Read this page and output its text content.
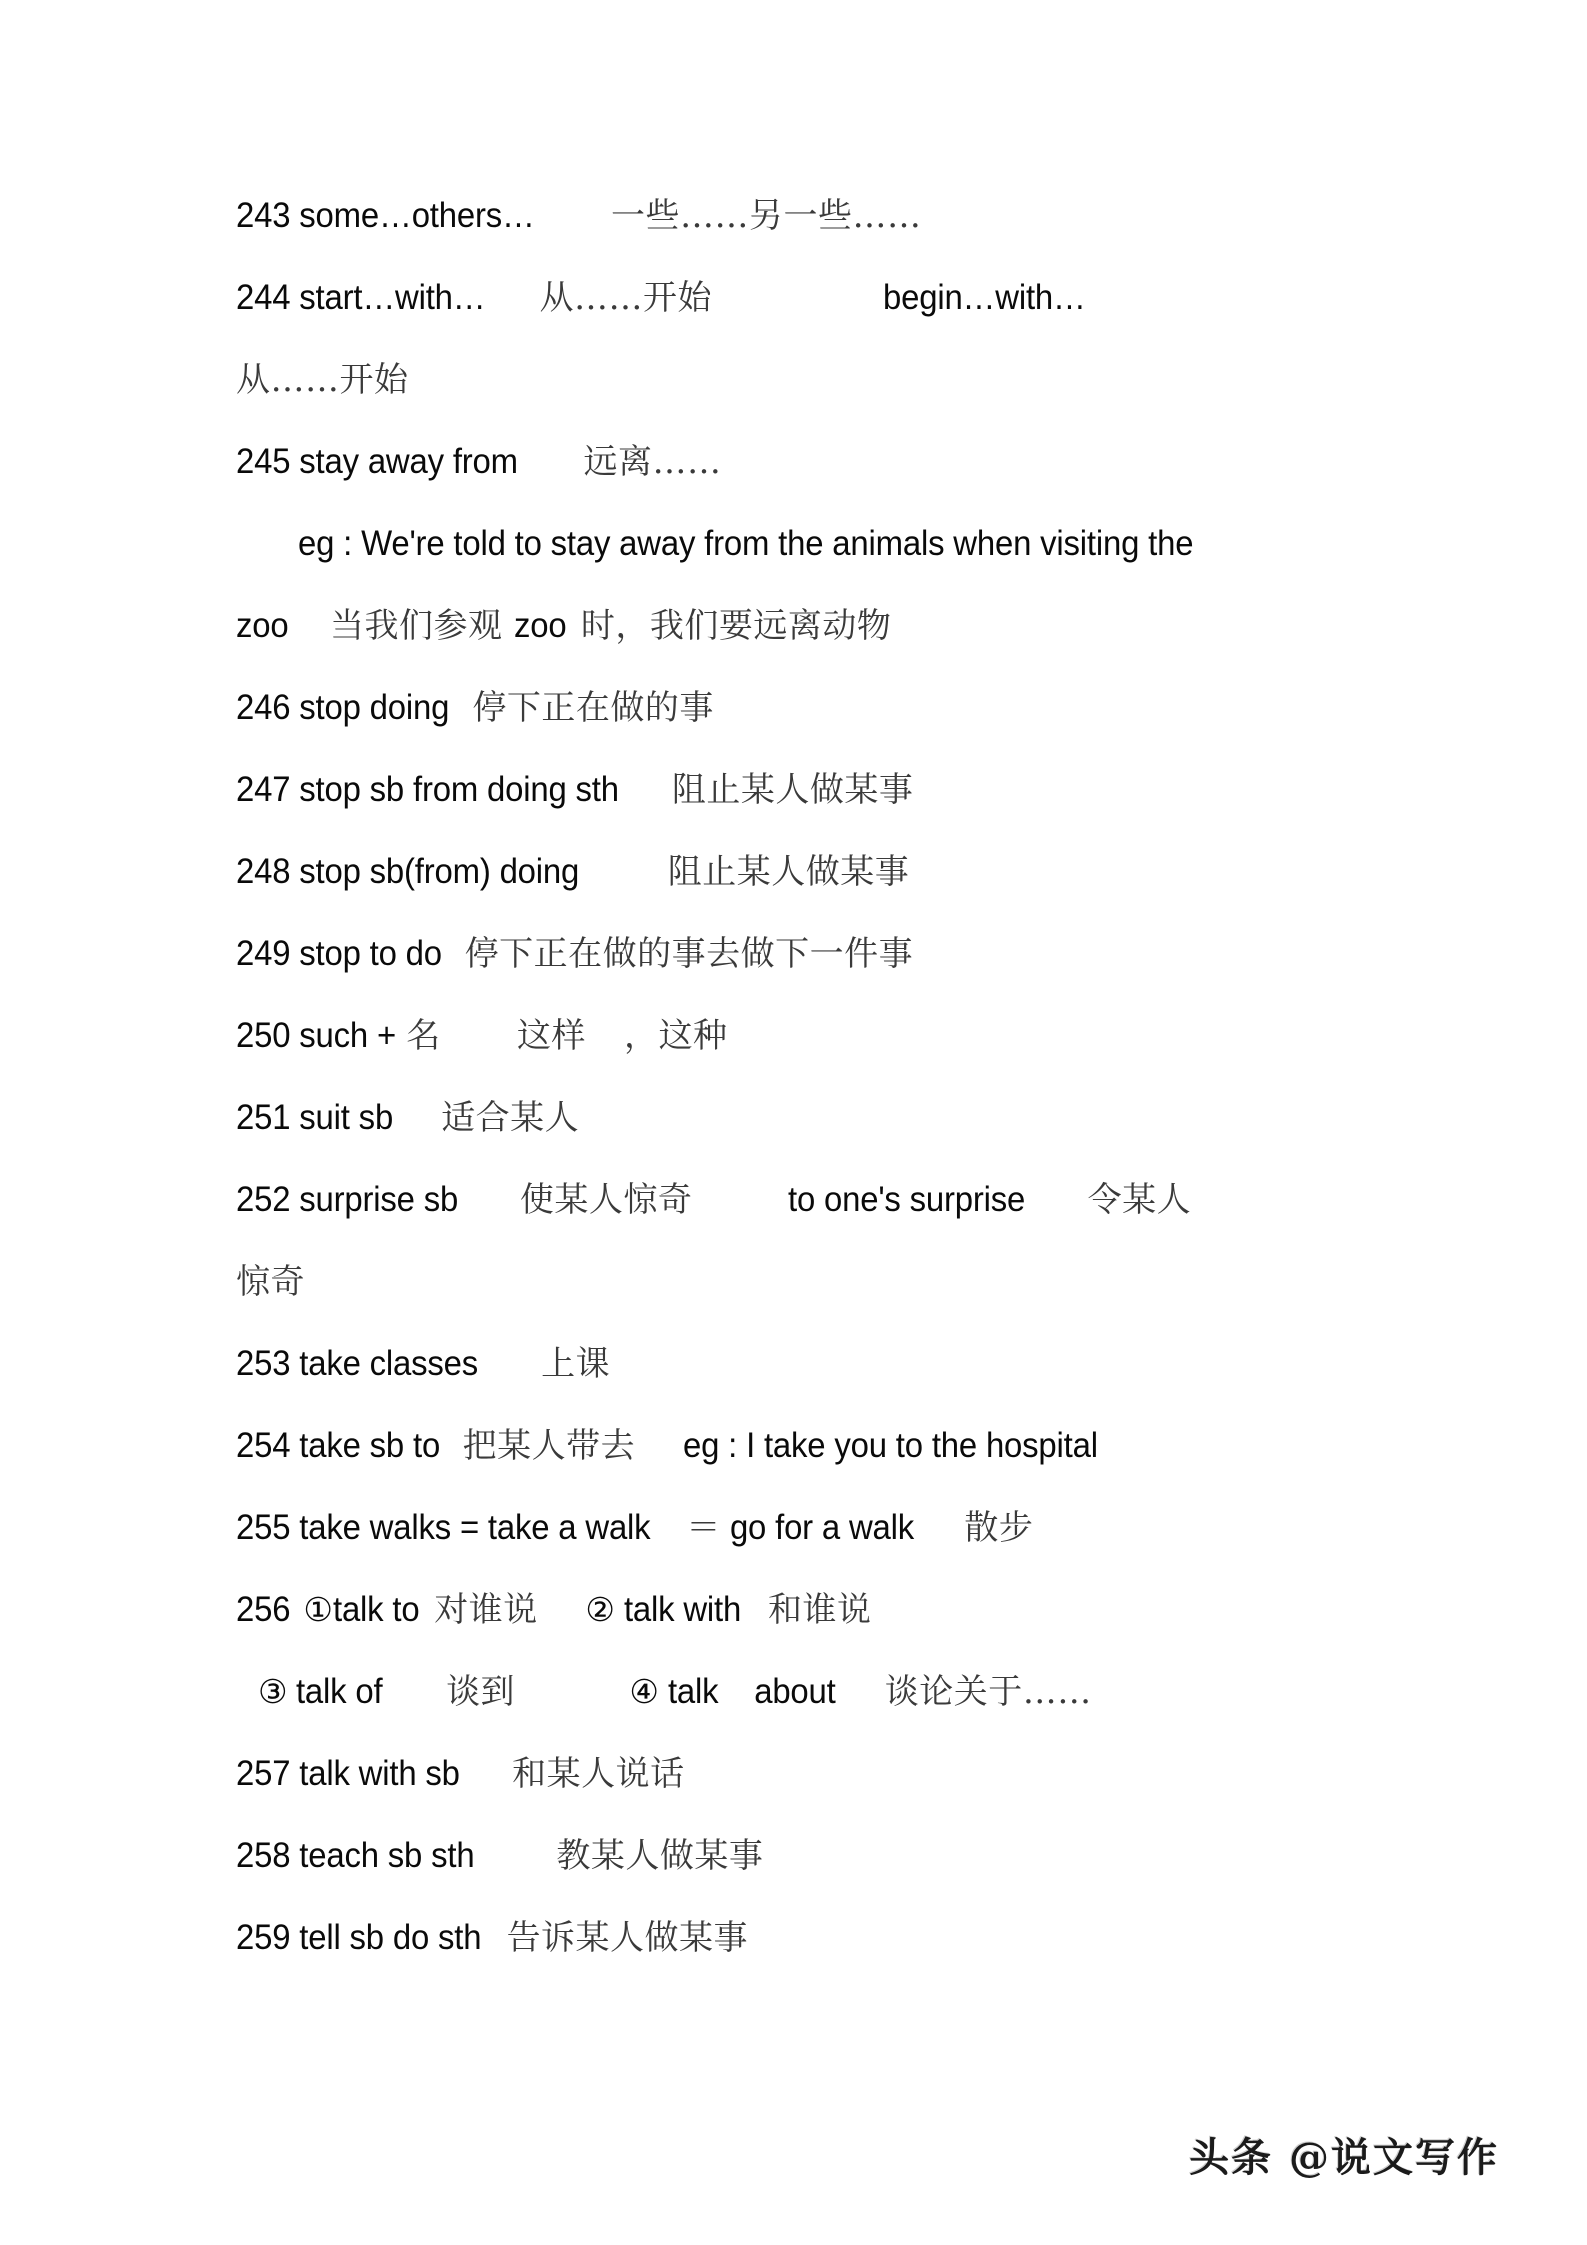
243 some…others… 一些……另一些……
244 start…with… 从……开始	begin…with…
从……开始
245 stay away from 远离……
eg : We're told to stay away from the animals when visiting the
zoo 当我们参观 zoo 时，我们要远离动物
246 stop doing 停下正在做的事
247 stop sb from doing sth 阻止某人做某事
248 stop sb(from) doing	阻止某人做某事
249 stop to do 停下正在做的事去做下一件事
250 such + 名 这样 ，这种
251 suit sb 适合某人
252 surprise sb 使某人惊奇	to one's surprise 令某人
惊奇
253 take classes 上课
254 take sb to 把某人带去 eg : I take you to the hospital
255 take walks = take a walk ＝ go for a walk 散步
256 ①talk to 对谁说 ② talk with 和谁说
③ talk of 谈到	④ talk    about 谈论关于……
257 talk with sb 和某人说话
258 teach sb sth 教某人做某事
259 tell sb do sth 告诉某人做某事
头条 @说文写作
